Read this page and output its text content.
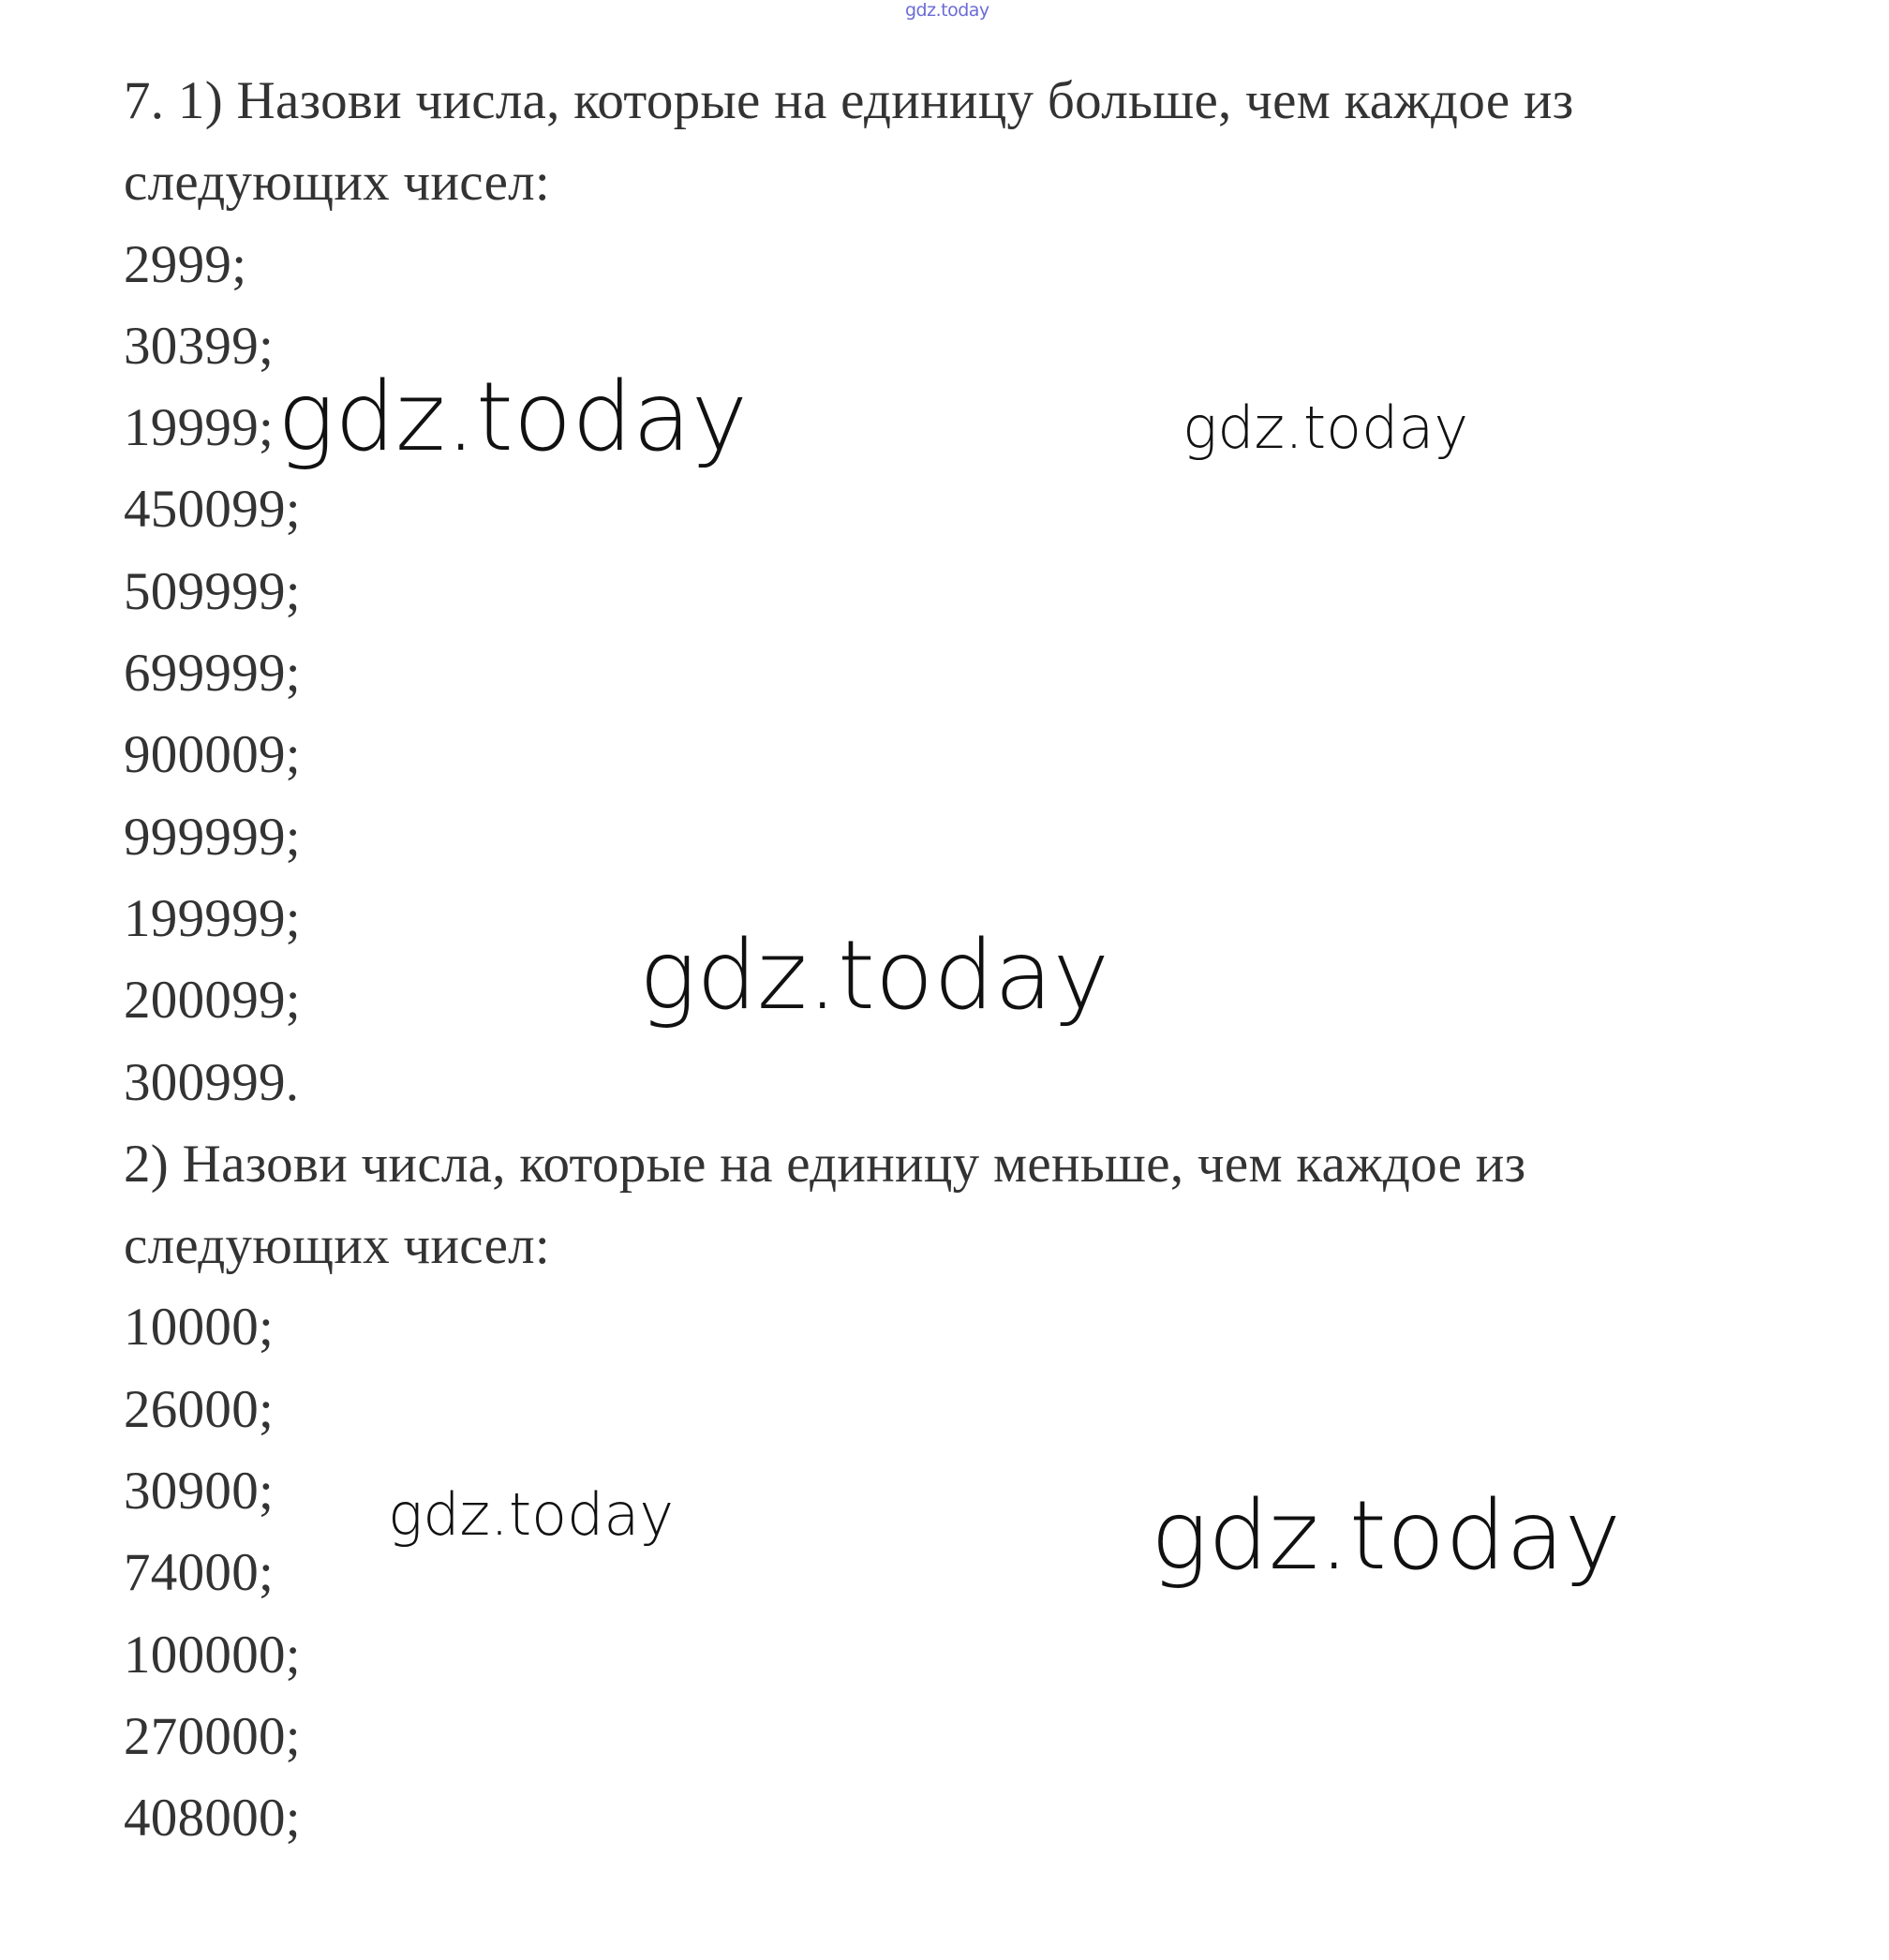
gdz.today
7. 1) Назови числа, которые на единицу больше, чем каждое из
следующих чисел:
2999;
30399;
19999;
450099;
509999;
699999;
900009;
999999;
199999;
200099;
300999.
2) Назови числа, которые на единицу меньше, чем каждое из
следующих чисел:
10000;
26000;
30900;
74000;
100000;
270000;
408000;
gdz.today	gdz.today
gdz.today
gdz.today	gdz.today
